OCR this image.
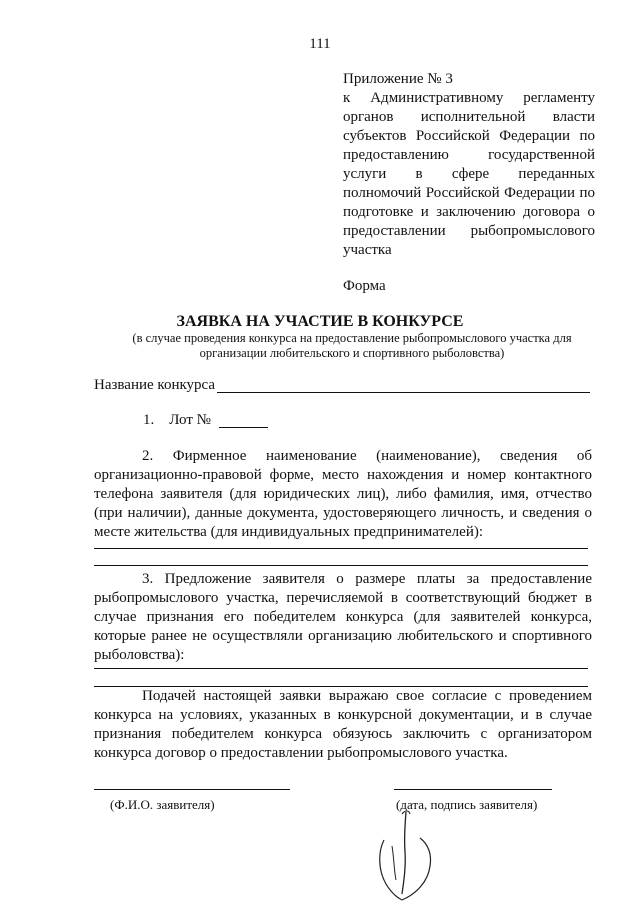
111

Приложение № 3

к Административному регламенту органов исполнительной власти субъектов Российской Федерации по предоставлению государственной услуги в сфере переданных полномочий Российской Федерации по подготовке и заключению договора о предоставлении рыбопромыслового участка

Форма

ЗАЯВКА НА УЧАСТИЕ В КОНКУРСЕ
(в случае проведения конкурса на предоставление рыбопромыслового участка для организации любительского и спортивного рыболовства)
Название конкурса
1.    Лот №

2. Фирменное наименование (наименование), сведения об организационно-правовой форме, место нахождения и номер контактного телефона заявителя (для юридических лиц), либо фамилия, имя, отчество (при наличии), данные документа, удостоверяющего личность, и сведения о месте жительства (для индивидуальных предпринимателей):

3. Предложение заявителя о размере платы за предоставление рыбопромыслового участка, перечисляемой в соответствующий бюджет в случае признания его победителем конкурса (для заявителей конкурса, которые ранее не осуществляли организацию любительского и спортивного рыболовства):

Подачей настоящей заявки выражаю свое согласие с проведением конкурса на условиях, указанных в конкурсной документации, и в случае признания победителем конкурса обязуюсь заключить с организатором конкурса договор о предоставлении рыбопромыслового участка.

(Ф.И.О. заявителя)	(дата, подпись заявителя)
